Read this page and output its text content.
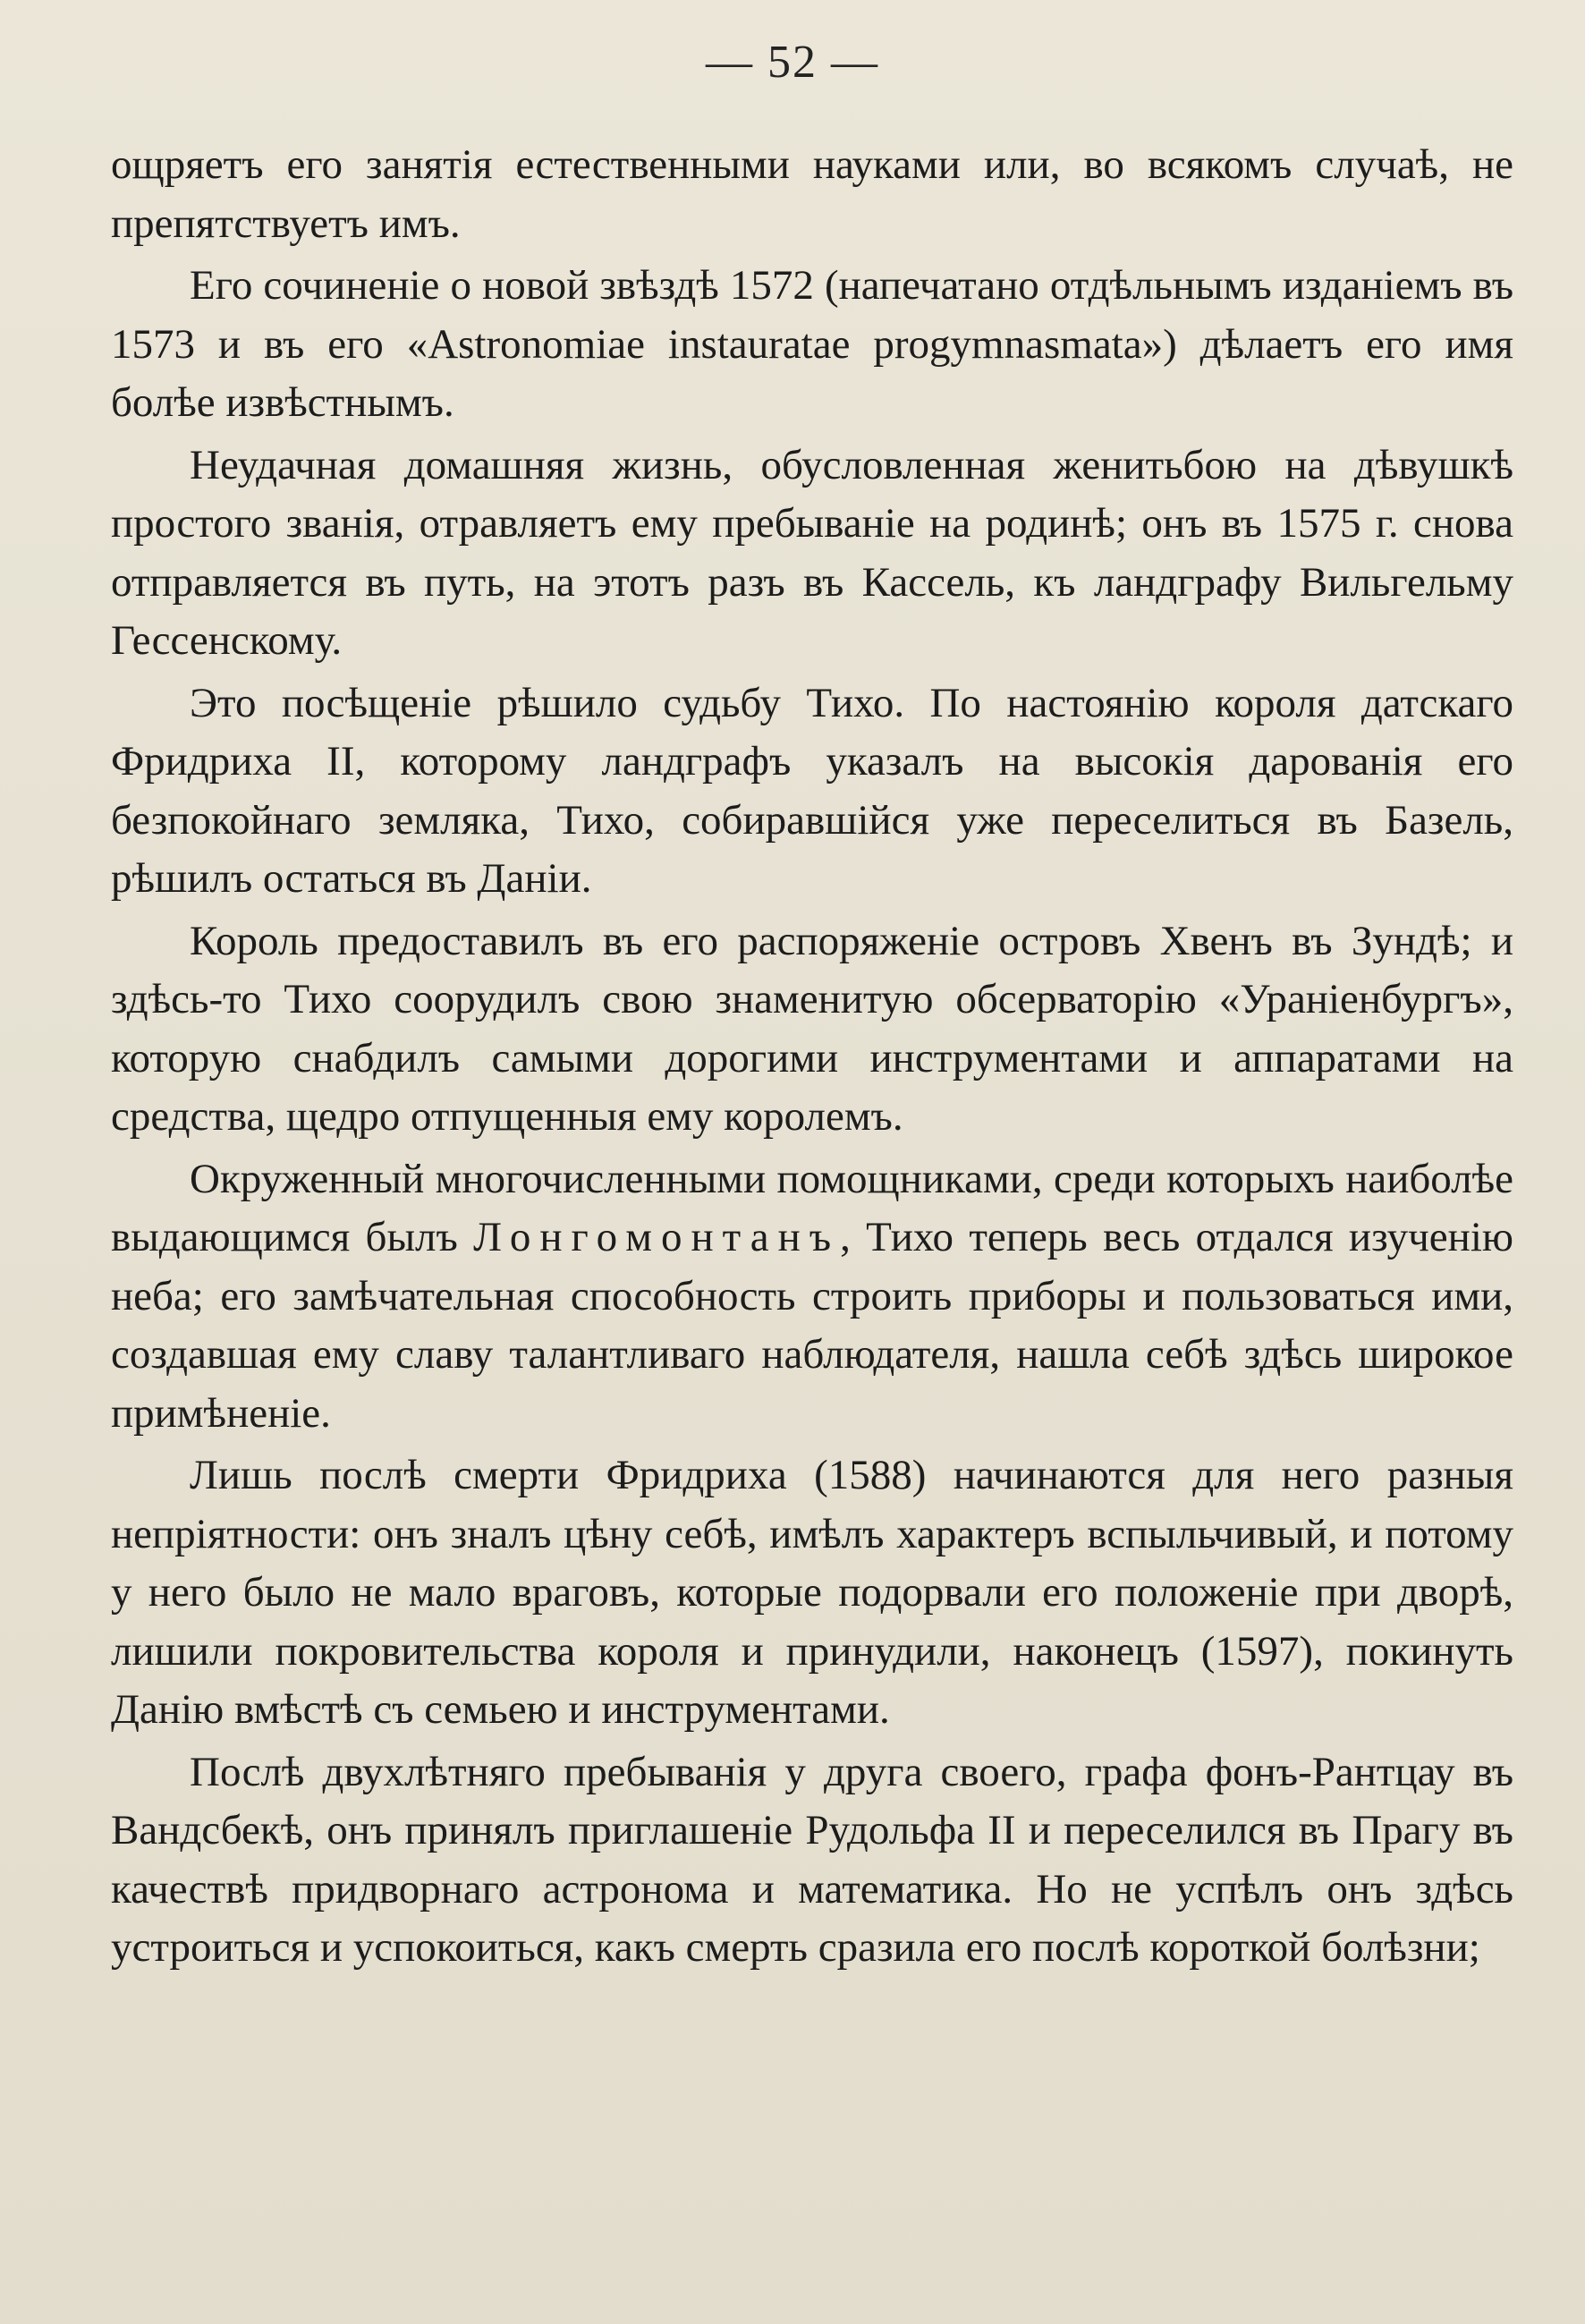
— 52 —

ощряетъ его занятія естественными науками или, во всякомъ случаѣ, не препятствуетъ имъ.

Его сочиненіе о новой звѣздѣ 1572 (напечатано отдѣльнымъ изданіемъ въ 1573 и въ его «Astronomiae instauratae progymnasmata») дѣлаетъ его имя болѣе извѣстнымъ.

Неудачная домашняя жизнь, обусловленная женитьбою на дѣвушкѣ простого званія, отравляетъ ему пребываніе на родинѣ; онъ въ 1575 г. снова отправляется въ путь, на этотъ разъ въ Кассель, къ ландграфу Вильгельму Гессенскому.

Это посѣщеніе рѣшило судьбу Тихо. По настоянію короля датскаго Фридриха II, которому ландграфъ указалъ на высокія дарованія его безпокойнаго земляка, Тихо, собиравшійся уже переселиться въ Базель, рѣшилъ остаться въ Даніи.

Король предоставилъ въ его распоряженіе островъ Хвенъ въ Зундѣ; и здѣсь-то Тихо соорудилъ свою знаменитую обсерваторію «Ураніенбургъ», которую снабдилъ самыми дорогими инструментами и аппаратами на средства, щедро отпущенныя ему королемъ.

Окруженный многочисленными помощниками, среди которыхъ наиболѣе выдающимся былъ Лонгомонтанъ, Тихо теперь весь отдался изученію неба; его замѣчательная способность строить приборы и пользоваться ими, создавшая ему славу талантливаго наблюдателя, нашла себѣ здѣсь широкое примѣненіе.

Лишь послѣ смерти Фридриха (1588) начинаются для него разныя непріятности: онъ зналъ цѣну себѣ, имѣлъ характеръ вспыльчивый, и потому у него было не мало враговъ, которые подорвали его положеніе при дворѣ, лишили покровительства короля и принудили, наконецъ (1597), покинуть Данію вмѣстѣ съ семьею и инструментами.

Послѣ двухлѣтняго пребыванія у друга своего, графа фонъ-Рантцау въ Вандсбекѣ, онъ принялъ приглашеніе Рудольфа II и переселился въ Прагу въ качествѣ придворнаго астронома и математика. Но не успѣлъ онъ здѣсь устроиться и успокоиться, какъ смерть сразила его послѣ короткой болѣзни;
